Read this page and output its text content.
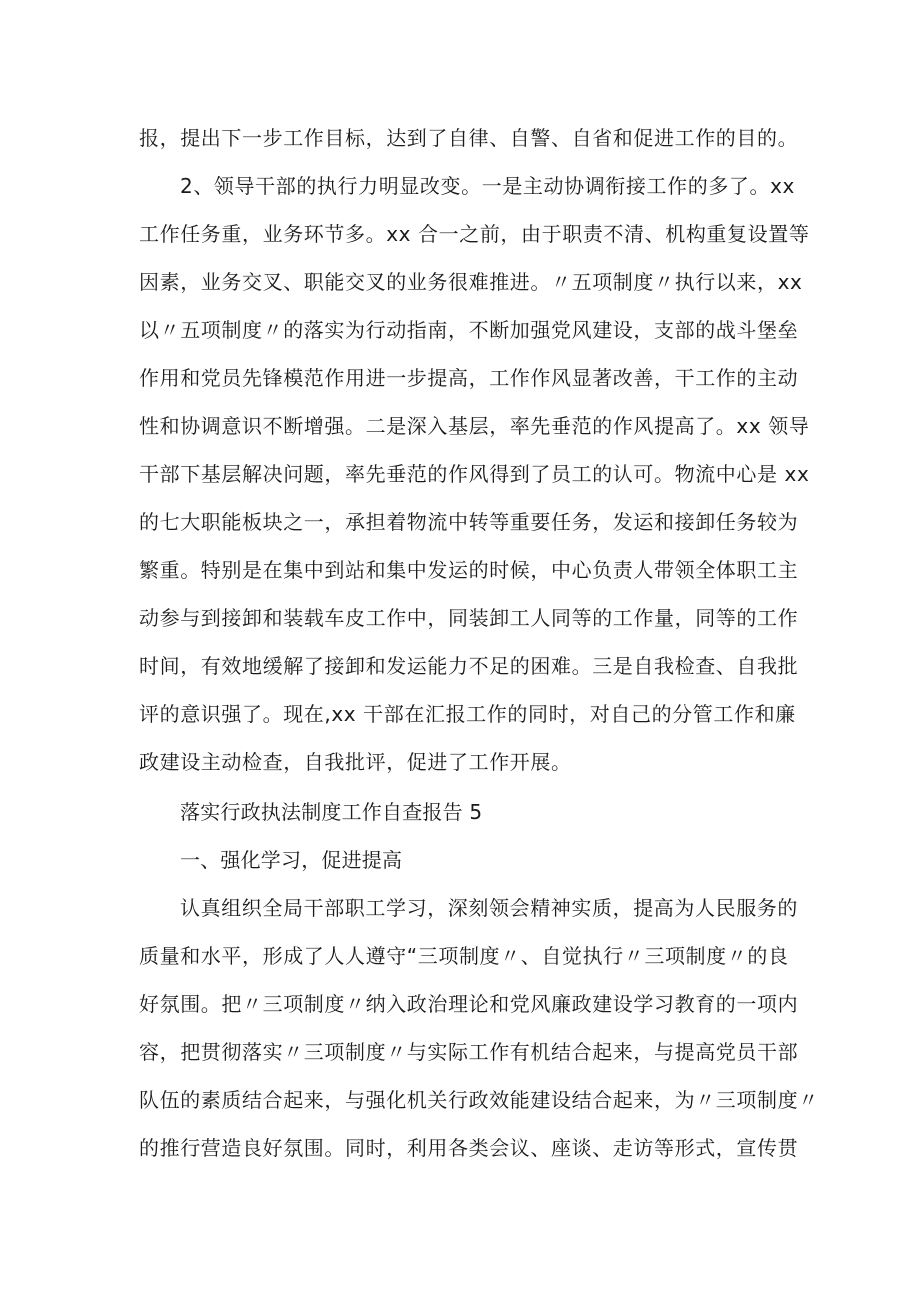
报，提出下一步工作目标，达到了自律、自警、自省和促进工作的目的。
2、领导干部的执行力明显改变。一是主动协调衔接工作的多了。xx
工作任务重，业务环节多。xx 合一之前，由于职责不清、机构重复设置等
因素，业务交叉、职能交叉的业务很难推进。〃五项制度〃执行以来，xx
以〃五项制度〃的落实为行动指南，不断加强党风建设，支部的战斗堡垒
作用和党员先锋模范作用进一步提高，工作作风显著改善，干工作的主动
性和协调意识不断增强。二是深入基层，率先垂范的作风提高了。xx 领导
干部下基层解决问题，率先垂范的作风得到了员工的认可。物流中心是 xx
的七大职能板块之一，承担着物流中转等重要任务，发运和接卸任务较为
繁重。特别是在集中到站和集中发运的时候，中心负责人带领全体职工主
动参与到接卸和装载车皮工作中，同装卸工人同等的工作量，同等的工作
时间，有效地缓解了接卸和发运能力不足的困难。三是自我检查、自我批
评的意识强了。现在,xx 干部在汇报工作的同时，对自己的分管工作和廉
政建设主动检查，自我批评，促进了工作开展。
落实行政执法制度工作自查报告 5
一、强化学习，促进提高
认真组织全局干部职工学习，深刻领会精神实质，提高为人民服务的
质量和水平，形成了人人遵守“三项制度〃、自觉执行〃三项制度〃的良
好氛围。把〃三项制度〃纳入政治理论和党风廉政建设学习教育的一项内
容，把贯彻落实〃三项制度〃与实际工作有机结合起来，与提高党员干部
队伍的素质结合起来，与强化机关行政效能建设结合起来，为〃三项制度〃
的推行营造良好氛围。同时，利用各类会议、座谈、走访等形式，宣传贯
